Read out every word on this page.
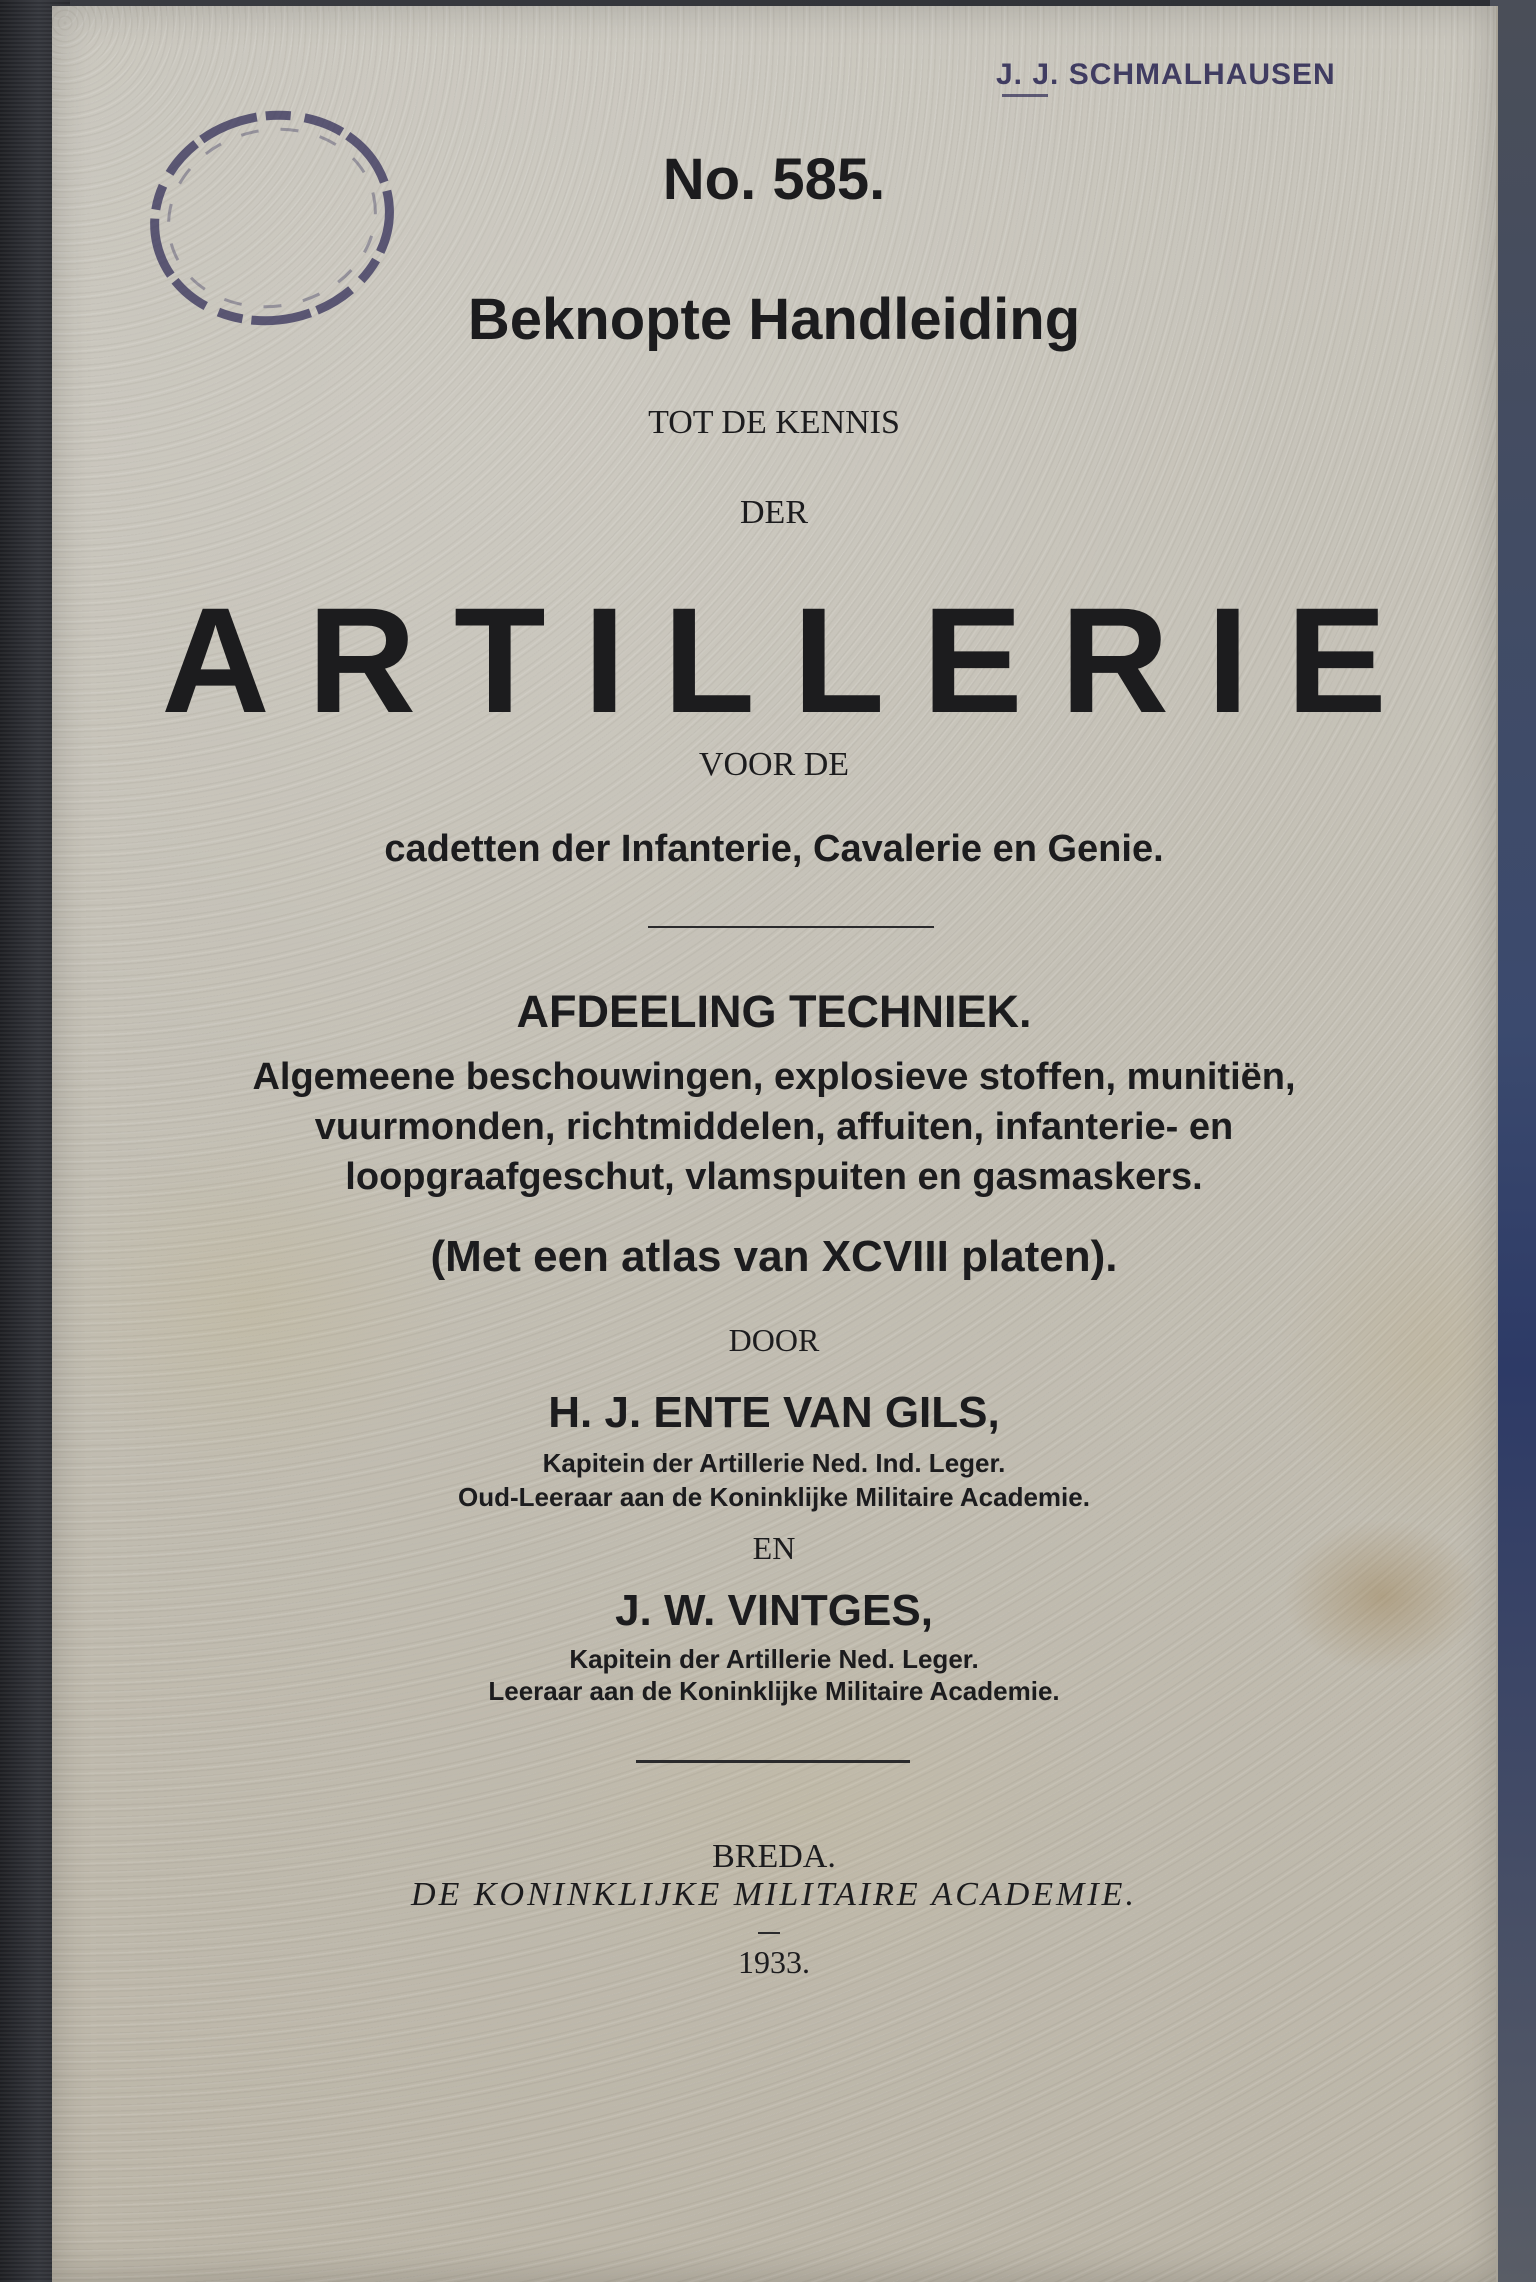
J. J. SCHMALHAUSEN

No. 585.

Beknopte Handleiding

TOT DE KENNIS

DER

ARTILLERIE

VOOR DE

cadetten der Infanterie, Cavalerie en Genie.

AFDEELING TECHNIEK.

Algemeene beschouwingen, explosieve stoffen, munitiën,

vuurmonden, richtmiddelen, affuiten, infanterie- en

loopgraafgeschut, vlamspuiten en gasmaskers.

(Met een atlas van XCVIII platen).

DOOR

H. J. ENTE VAN GILS,

Kapitein der Artillerie Ned. Ind. Leger.

Oud-Leeraar aan de Koninklijke Militaire Academie.

EN

J. W. VINTGES,

Kapitein der Artillerie Ned. Leger.

Leeraar aan de Koninklijke Militaire Academie.

BREDA.

DE KONINKLIJKE MILITAIRE ACADEMIE.

1933.
